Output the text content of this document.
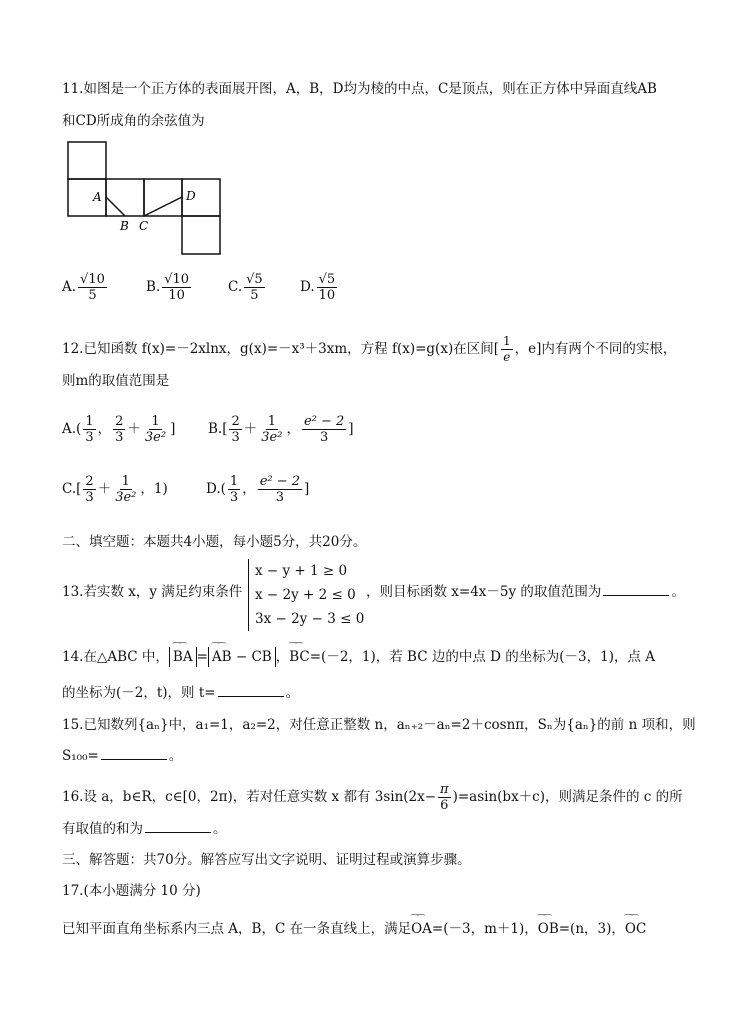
11.如图是一个正方体的表面展开图，A，B，D均为棱的中点，C是顶点，则在正方体中异面直线AB
和CD所成角的余弦值为
A	D
B C
A. $\frac{√10}{5}$	B. $\frac{√10}{10}$	C. $\frac{√5}{5}$	D. $\frac{√5}{10}$
12.已知函数 f(x)=－2xlnx，g(x)=－x³＋3xm，方程 f(x)=g(x)在区间[ $\frac{1}{e}$ ，e]内有两个不同的实根，
则m的取值范围是
$A.( \frac{1}{3}$ ， $\frac{2}{3} + \frac{1}{\text{3e²}}$ ] $B.[ \frac{2}{3} + \frac{1}{\text{3e²}}$ ， $\frac{\text{e² − 2}}{3}$ ]
$C.[ \frac{2}{3} + \frac{1}{\text{3e²}}$ ，1)	$D.( \frac{1}{3}$ ， $\frac{\text{e² − 2}}{3}$ ]
二、填空题：本题共4小题，每小题5分，共20分。
13.若实数 x，y 满足约束条件
x − y + 1 ≥ 0
x − 2y + 2 ≤ 0
3x − 2y − 3 ≤ 0
，则目标函数 x=4x－5y 的取值范围为	。
14.在△ABC 中， ⁀⁀ BA = ⁀⁀ AB − CB ，⁀⁀ BC=(－2，1)，若 BC 边的中点 D 的坐标为(－3，1)，点 A
的坐标为(－2，t)，则 t=	。
15.已知数列{aₙ}中，a₁=1，a₂=2，对任意正整数 n，aₙ₊₂－aₙ=2＋cosnπ，Sₙ为{aₙ}的前 n 项和，则
S₁₀₀=	。
16.设 a，b∈R，c∈[0，2π)，若对任意实数 x 都有 $3\sin(2x- \frac{\pi}{6} )=asin(bx+c)$，则满足条件的 c 的所
有取值的和为	。
三、解答题：共70分。解答应写出文字说明、证明过程或演算步骤。
17.(本小题满分 10 分)
已知平面直角坐标系内三点 A，B，C 在一条直线上，满足⁀⁀ OA=(－3，m＋1)，⁀⁀ OB=(n，3)，⁀⁀ OC
